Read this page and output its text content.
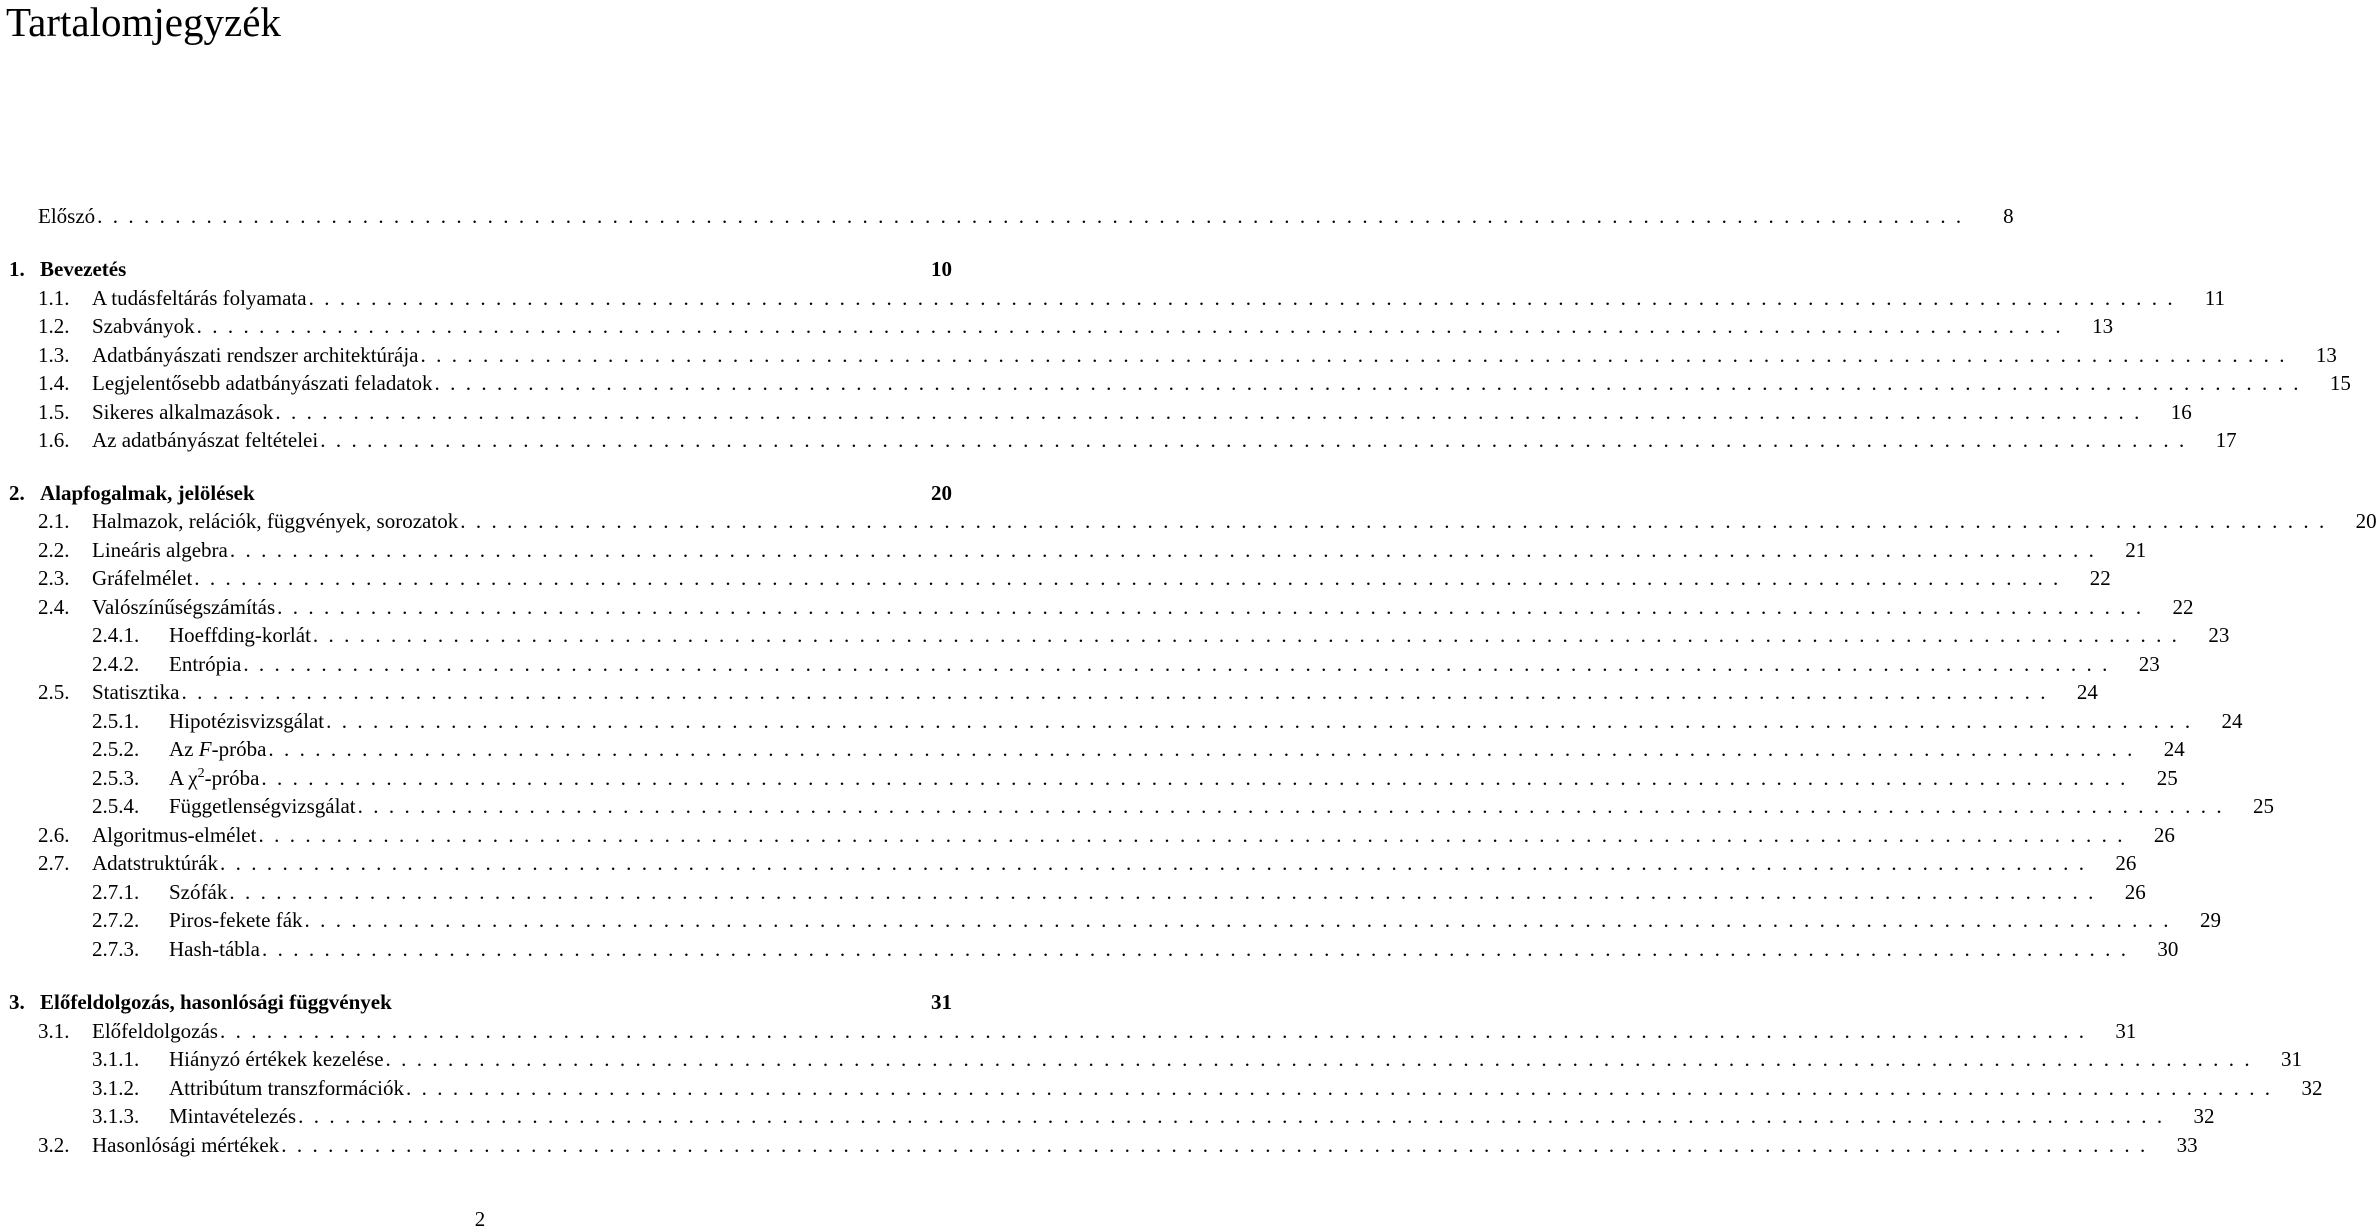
Tartalomjegyzék
Előszó ........................................................................................................................	8
1. Bevezetés	10
1.1.	A tudásfeltárás folyamata ........................................................................................................................ 11
1.2.	Szabványok ........................................................................................................................ 13
1.3.	Adatbányászati rendszer architektúrája ........................................................................................................................ 13
1.4.	Legjelentősebb adatbányászati feladatok ........................................................................................................................ 15
1.5.	Sikeres alkalmazások ........................................................................................................................ 16
1.6.	Az adatbányászat feltételei ........................................................................................................................ 17
2. Alapfogalmak, jelölések	20
2.1.	Halmazok, relációk, függvények, sorozatok ........................................................................................................................ 20
2.2.	Lineáris algebra ........................................................................................................................ 21
2.3.	Gráfelmélet ........................................................................................................................ 22
2.4.	Valószínűségszámítás ........................................................................................................................ 22
2.4.1.	Hoeffding-korlát ........................................................................................................................ 23
2.4.2.	Entrópia ........................................................................................................................ 23
2.5.	Statisztika ........................................................................................................................ 24
2.5.1.	Hipotézisvizsgálat ........................................................................................................................ 24
2.5.2.	Az F-próba ........................................................................................................................ 24
2.5.3.	A $\chi^2$-próba ........................................................................................................................ 25
2.5.4.	Függetlenségvizsgálat ........................................................................................................................ 25
2.6.	Algoritmus-elmélet ........................................................................................................................ 26
2.7.	Adatstruktúrák ........................................................................................................................ 26
2.7.1.	Szófák ........................................................................................................................ 26
2.7.2.	Piros-fekete fák ........................................................................................................................ 29
2.7.3.	Hash-tábla ........................................................................................................................ 30
3. Előfeldolgozás, hasonlósági függvények	31
3.1.	Előfeldolgozás ........................................................................................................................ 31
3.1.1.	Hiányzó értékek kezelése ........................................................................................................................ 31
3.1.2.	Attribútum transzformációk ........................................................................................................................ 32
3.1.3.	Mintavételezés ........................................................................................................................ 32
3.2.	Hasonlósági mértékek ........................................................................................................................ 33
2
